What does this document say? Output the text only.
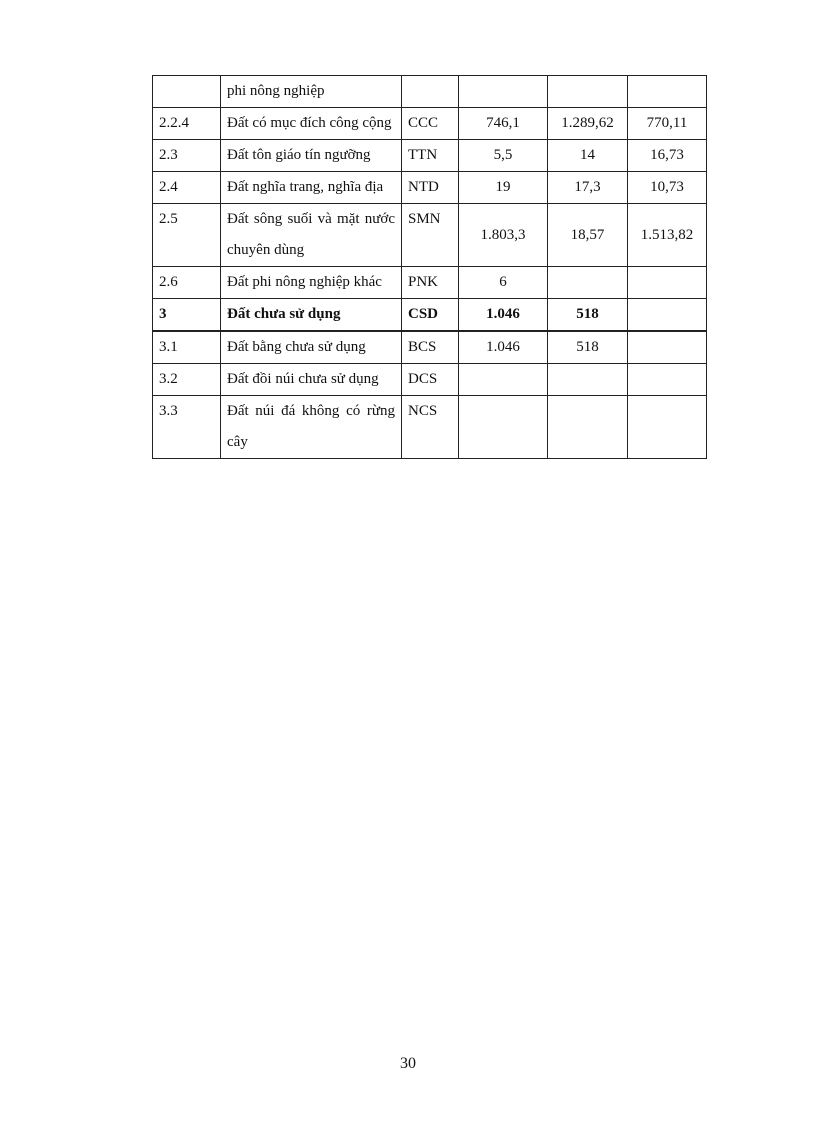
	phi nông nghiệp				
2.2.4	Đất có mục đích công cộng	CCC	746,1	1.289,62	770,11
2.3	Đất tôn giáo tín ngưỡng	TTN	5,5	14	16,73
2.4	Đất nghĩa trang, nghĩa địa	NTD	19	17,3	10,73
2.5	Đất sông suối và mặt nước chuyên dùng	SMN	1.803,3	18,57	1.513,82
2.6	Đất phi nông nghiệp khác	PNK	6		
3	Đất chưa sử dụng	CSD	1.046	518	
3.1	Đất bằng chưa sử dụng	BCS	1.046	518	
3.2	Đất đồi núi chưa sử dụng	DCS			
3.3	Đất núi đá không có rừng cây	NCS			
30
